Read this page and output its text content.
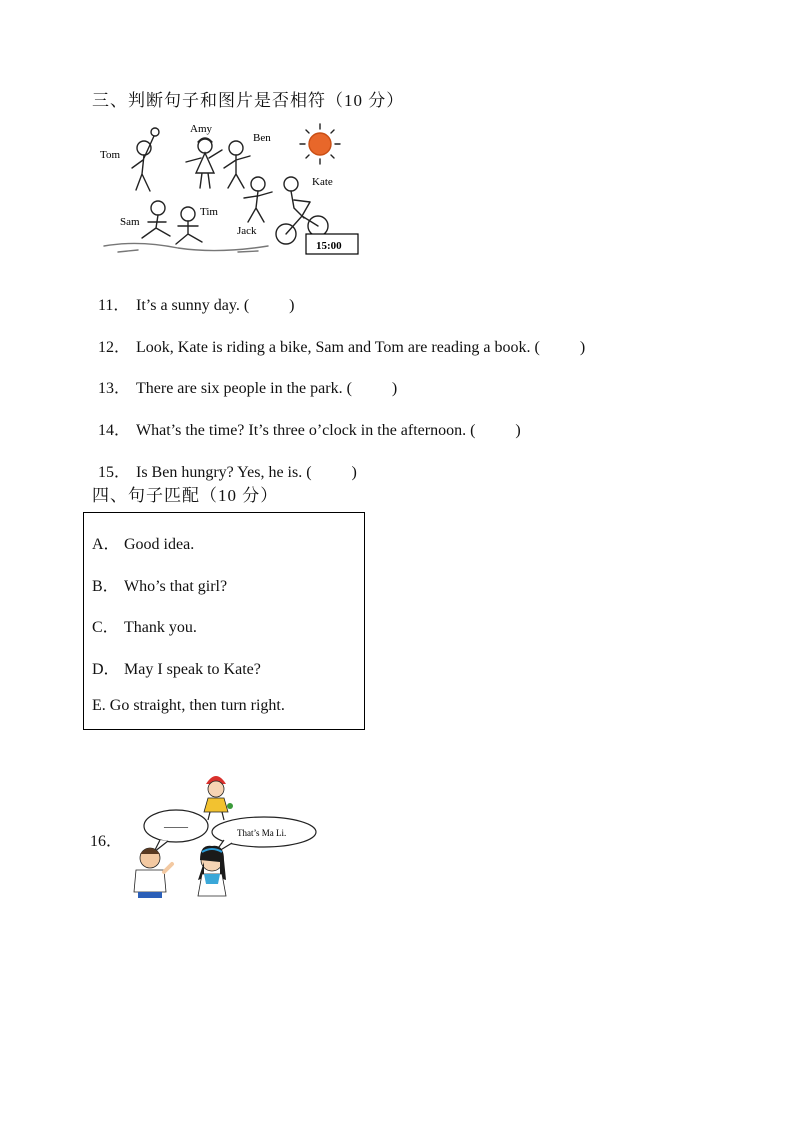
三、判断句子和图片是否相符（10 分）
Tom
Amy
Ben
Kate
Sam
Tim
Jack
15:00

11． It’s a sunny day. (          )

12． Look, Kate is riding a bike, Sam and Tom are reading a book. (          )

13． There are six people in the park. (          )

14． What’s the time? It’s three o’clock in the afternoon. (          )

15． Is Ben hungry? Yes, he is. (          )

四、句子匹配（10 分）
A． Good idea.
B． Who’s that girl?
C． Thank you.
D． May I speak to Kate?
E. Go straight, then turn right.
16．
——	That’s Ma Li.
